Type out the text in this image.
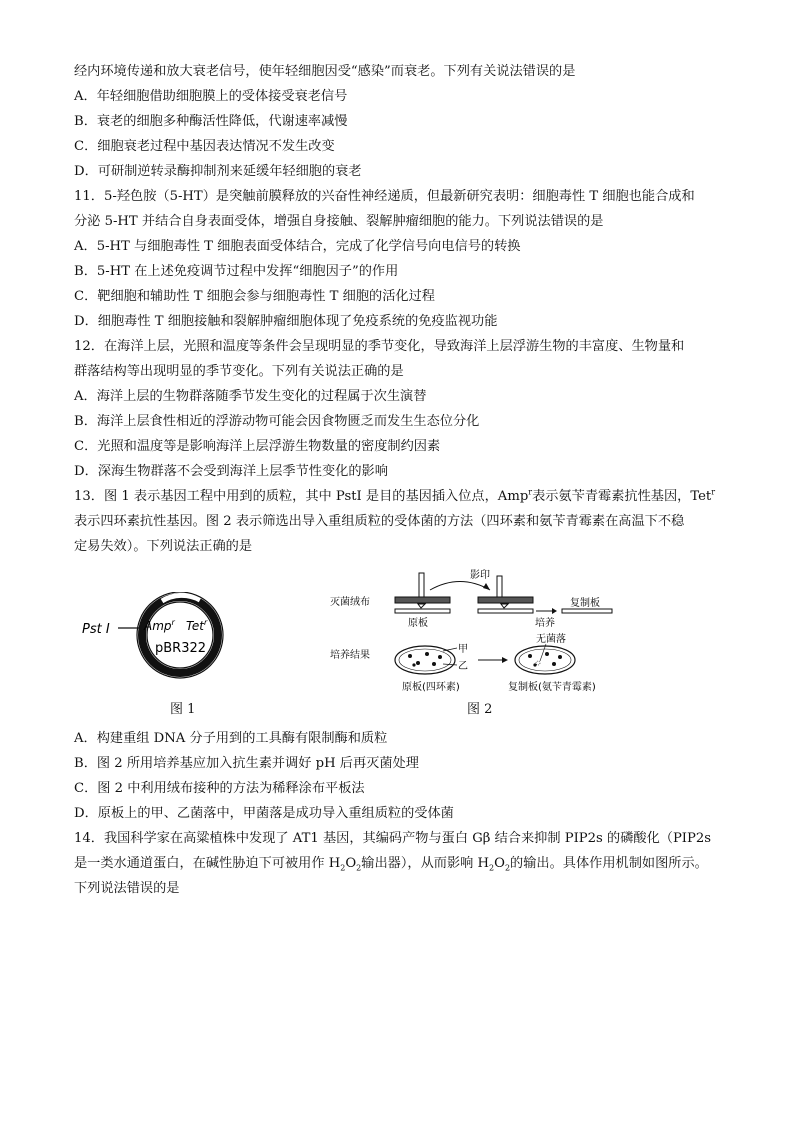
经内环境传递和放大衰老信号，使年轻细胞因受“感染”而衰老。下列有关说法错误的是
A．年轻细胞借助细胞膜上的受体接受衰老信号
B．衰老的细胞多种酶活性降低，代谢速率减慢
C．细胞衰老过程中基因表达情况不发生改变
D．可研制逆转录酶抑制剂来延缓年轻细胞的衰老
11．5-羟色胺（5-HT）是突触前膜释放的兴奋性神经递质，但最新研究表明：细胞毒性 T 细胞也能合成和
分泌 5-HT 并结合自身表面受体，增强自身接触、裂解肿瘤细胞的能力。下列说法错误的是
A．5-HT 与细胞毒性 T 细胞表面受体结合，完成了化学信号向电信号的转换
B．5-HT 在上述免疫调节过程中发挥“细胞因子”的作用
C．靶细胞和辅助性 T 细胞会参与细胞毒性 T 细胞的活化过程
D．细胞毒性 T 细胞接触和裂解肿瘤细胞体现了免疫系统的免疫监视功能
12．在海洋上层，光照和温度等条件会呈现明显的季节变化，导致海洋上层浮游生物的丰富度、生物量和
群落结构等出现明显的季节变化。下列有关说法正确的是
A．海洋上层的生物群落随季节发生变化的过程属于次生演替
B．海洋上层食性相近的浮游动物可能会因食物匮乏而发生生态位分化
C．光照和温度等是影响海洋上层浮游生物数量的密度制约因素
D．深海生物群落不会受到海洋上层季节性变化的影响
13．图 1 表示基因工程中用到的质粒，其中 PstI 是目的基因插入位点，Amp$^r$表示氨苄青霉素抗性基因，Tet$^r$
表示四环素抗性基因。图 2 表示筛选出导入重组质粒的受体菌的方法（四环素和氨苄青霉素在高温下不稳
定易失效）。下列说法正确的是
Pst Ⅰ	Amp$^r$ Tet$^r$
pBR322
图 1
影印
灭菌绒布
原板	培养
复制板
培养结果
甲
乙
无菌落
原板(四环素)	复制板(氨苄青霉素)
图 2
A．构建重组 DNA 分子用到的工具酶有限制酶和质粒
B．图 2 所用培养基应加入抗生素并调好 pH 后再灭菌处理
C．图 2 中利用绒布接种的方法为稀释涂布平板法
D．原板上的甲、乙菌落中，甲菌落是成功导入重组质粒的受体菌
14．我国科学家在高粱植株中发现了 AT1 基因，其编码产物与蛋白 Gβ 结合来抑制 PIP2s 的磷酸化（PIP2s
是一类水通道蛋白，在碱性胁迫下可被用作 $H_2O_2$输出器），从而影响 $H_2O_2$的输出。具体作用机制如图所示。
下列说法错误的是
